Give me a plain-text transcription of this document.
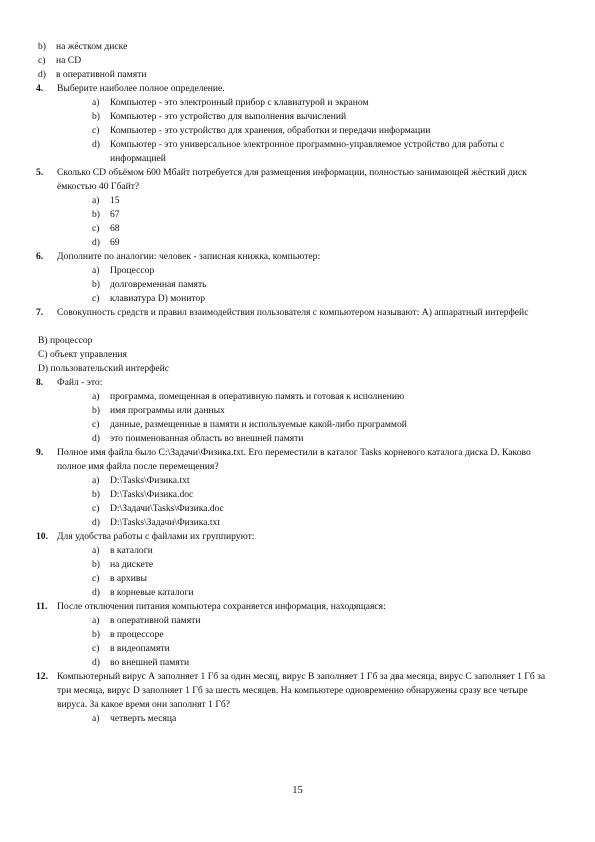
b) на жёстком диске
c) на CD
d) в оперативной памяти
4. Выберите наиболее полное определение.
a) Компьютер - это электронный прибор с клавиатурой и экраном
b) Компьютер - это устройство для выполнения вычислений
c) Компьютер - это устройство для хранения, обработки и передачи информации
d) Компьютер - это универсальное электронное программно-управляемое устройство для работы с информацией
5. Сколько CD объёмом 600 Мбайт потребуется для размещения информации, полностью занимающей жёсткий диск ёмкостью 40 Гбайт?
a) 15
b) 67
c) 68
d) 69
6. Дополните по аналогии: человек - записная книжка, компьютер:
a) Процессор
b) долговременная память
c) клавиатура D) монитор
7. Совокупность средств и правил взаимодействия пользователя с компьютером называют: А) аппаратный интерфейс
B) процессор
C) объект управления
D) пользовательский интерфейс
8. Файл - это:
a) программа, помещенная в оперативную память и готовая к исполнению
b) имя программы или данных
c) данные, размещенные в памяти и используемые какой-либо программой
d) это поименованная область во внешней памяти
9. Полное имя файла было C:\Задачи\Физика.txt. Его переместили в каталог Tasks корневого каталога диска D. Каково полное имя файла после перемещения?
a) D:\Tasks\Физика.txt
b) D:\Tasks\Физика.doc
c) D:\Задачи\Tasks\Физика.doc
d) D:\Tasks\Задачи\Физика.txt
10. Для удобства работы с файлами их группируют:
a) в каталоги
b) на дискете
c) в архивы
d) в корневые каталоги
11. После отключения питания компьютера сохраняется информация, находящаяся:
a) в оперативной памяти
b) в процессоре
c) в видеопамяти
d) во внешней памяти
12. Компьютерный вирус А заполняет 1 Гб за один месяц, вирус B заполняет 1 Гб за два месяца, вирус C заполняет 1 Гб за три месяца, вирус D заполняет 1 Гб за шесть месяцев. На компьютере одновременно обнаружены сразу все четыре вируса. За какое время они заполнят 1 Гб?
a) четверть месяца
15
